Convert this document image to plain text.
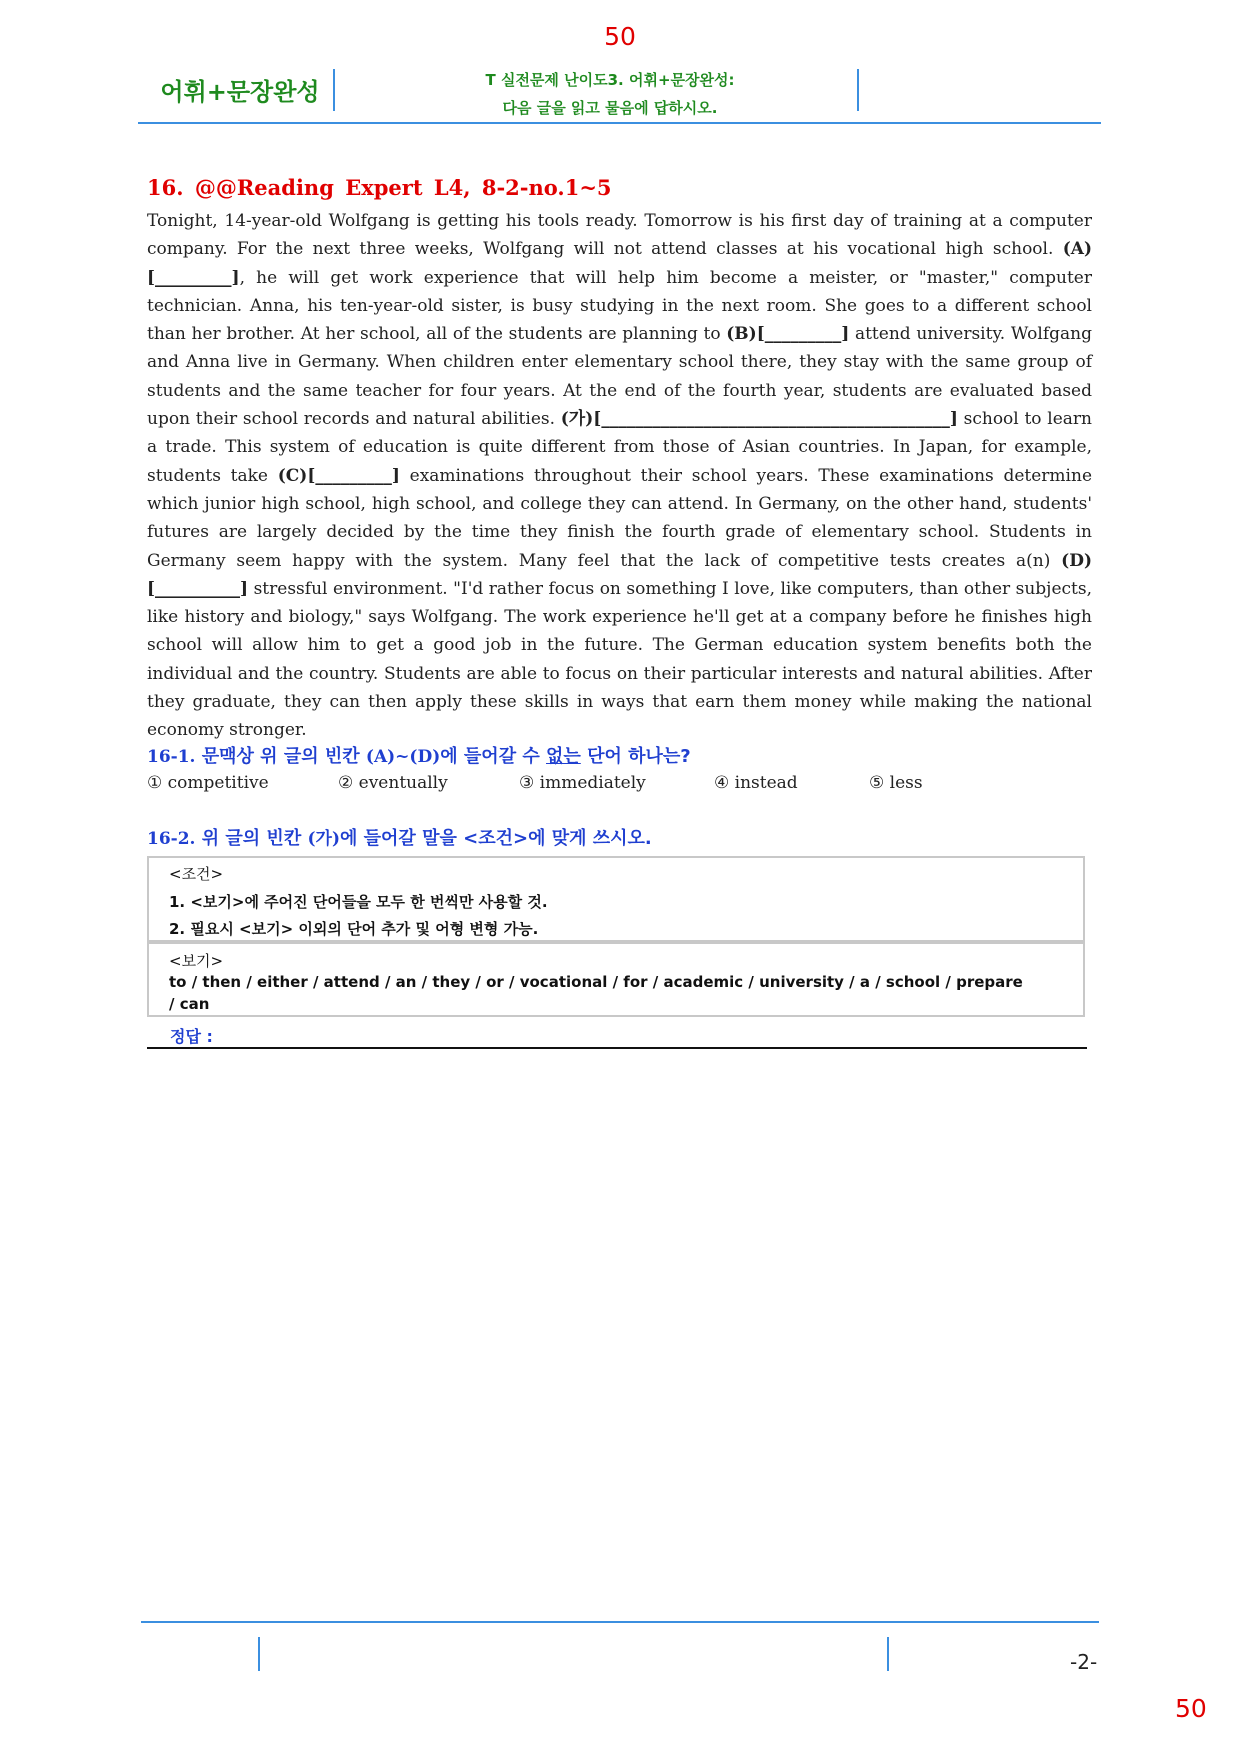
50
어휘+문장완성	T 실전문제 난이도3. 어휘+문장완성:
다음 글을 읽고 물음에 답하시오.
16. @@Reading Expert L4, 8-2-no.1~5
Tonight, 14-year-old Wolfgang is getting his tools ready. Tomorrow is his first day of training at a computer company. For the next three weeks, Wolfgang will not attend classes at his vocational high school. (A)[_________], he will get work experience that will help him become a meister, or "master," computer technician. Anna, his ten-year-old sister, is busy studying in the next room. She goes to a different school than her brother. At her school, all of the students are planning to (B)[_________] attend university. Wolfgang and Anna live in Germany. When children enter elementary school there, they stay with the same group of students and the same teacher for four years. At the end of the fourth year, students are evaluated based upon their school records and natural abilities. (가)[_________________________________________] school to learn a trade. This system of education is quite different from those of Asian countries. In Japan, for example, students take (C)[_________] examinations throughout their school years. These examinations determine which junior high school, high school, and college they can attend. In Germany, on the other hand, students' futures are largely decided by the time they finish the fourth grade of elementary school. Students in Germany seem happy with the system. Many feel that the lack of competitive tests creates a(n) (D)[__________] stressful environment. "I'd rather focus on something I love, like computers, than other subjects, like history and biology," says Wolfgang. The work experience he'll get at a company before he finishes high school will allow him to get a good job in the future. The German education system benefits both the individual and the country. Students are able to focus on their particular interests and natural abilities. After they graduate, they can then apply these skills in ways that earn them money while making the national economy stronger.
16-1. 문맥상 위 글의 빈칸 (A)~(D)에 들어갈 수 없는 단어 하나는?
① competitive	② eventually	③ immediately	④ instead	⑤ less
16-2. 위 글의 빈칸 (가)에 들어갈 말을 <조건>에 맞게 쓰시오.
<조건>
1. <보기>에 주어진 단어들을 모두 한 번씩만 사용할 것.
2. 필요시 <보기> 이외의 단어 추가 및 어형 변형 가능.
<보기>
to / then / either / attend / an / they / or / vocational / for / academic / university / a / school / prepare
/ can
정답 :
-2-
50
